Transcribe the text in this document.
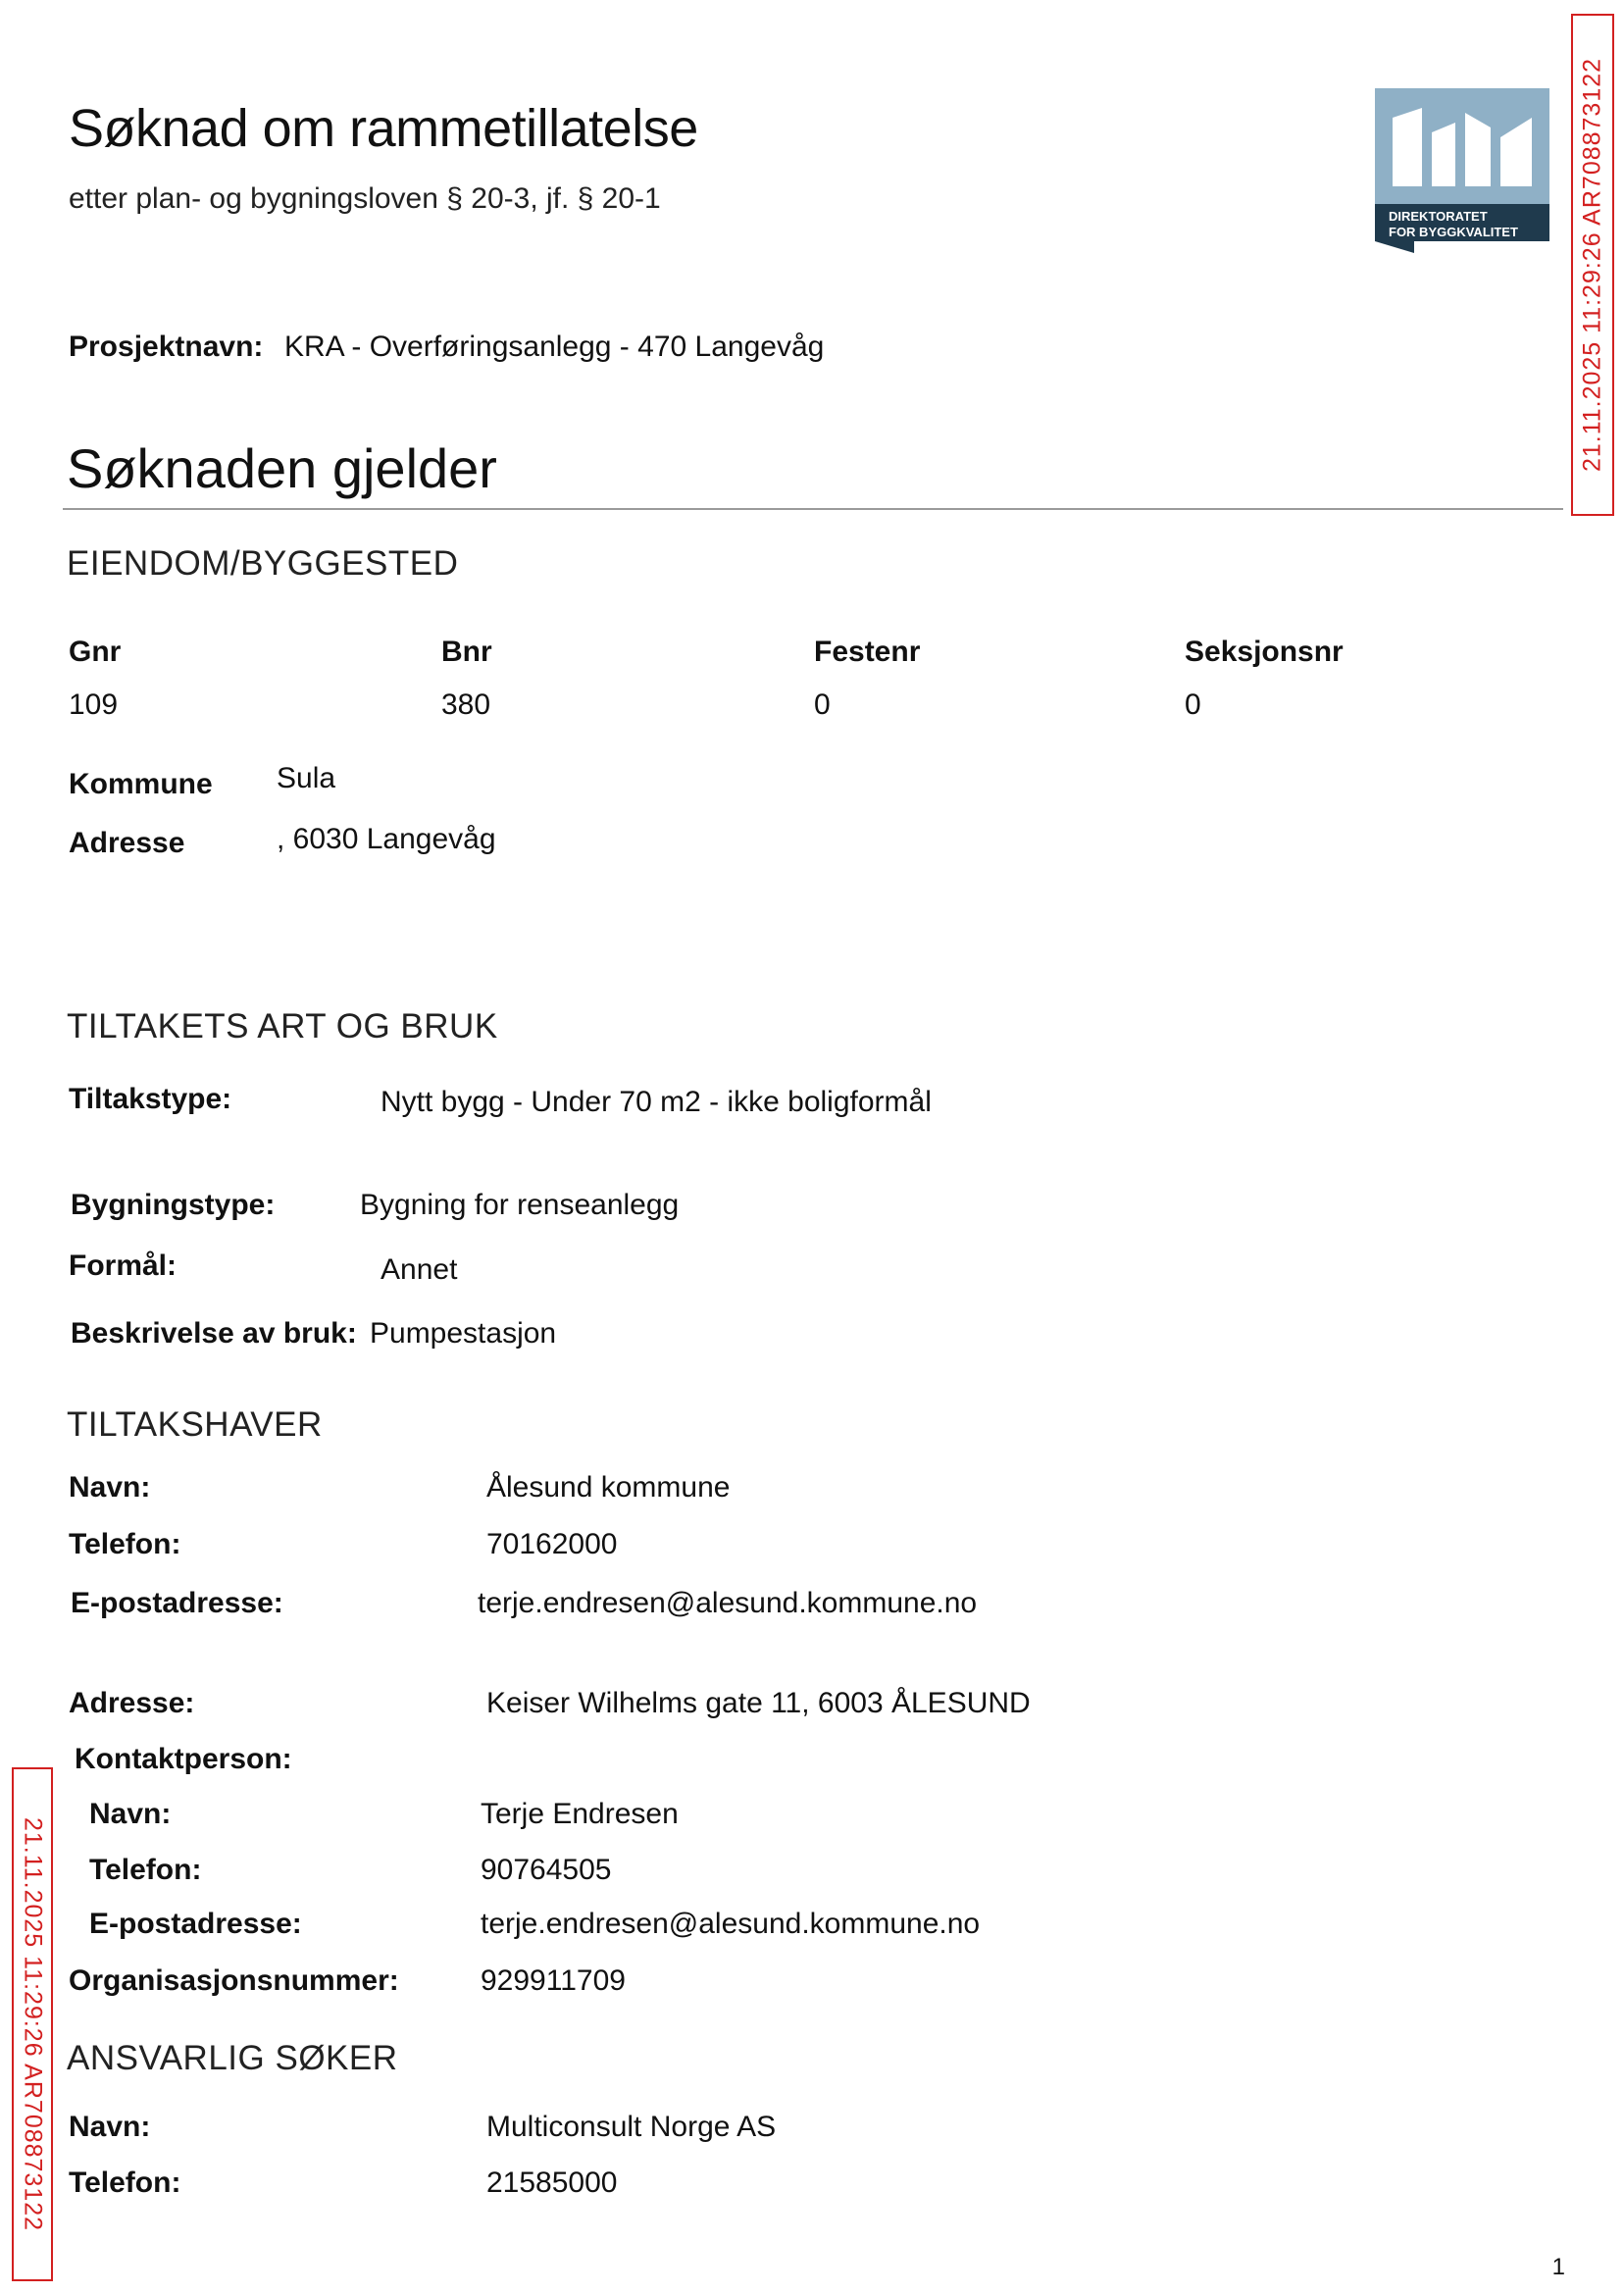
Søknad om rammetillatelse
etter plan- og bygningsloven § 20-3, jf. § 20-1
DIREKTORATET
FOR BYGGKVALITET 21.11.2025 11:29:26 AR708873122
21.11.2025 11:29:26 AR708873122
Prosjektnavn: KRA - Overføringsanlegg - 470 Langevåg
Søknaden gjelder
EIENDOM/BYGGESTED
Gnr	Bnr	Festenr	Seksjonsnr
109	380	0	0
Kommune Sula
Adresse	, 6030 Langevåg
TILTAKETS ART OG BRUK
Tiltakstype:	Nytt bygg - Under 70 m2 - ikke boligformål
Bygningstype:	Bygning for renseanlegg
Formål:	Annet
Beskrivelse av bruk: Pumpestasjon
TILTAKSHAVER
Navn:	Ålesund kommune
Telefon:	70162000
E-postadresse:	terje.endresen@alesund.kommune.no
Adresse:	Keiser Wilhelms gate 11, 6003 ÅLESUND
Kontaktperson:
Navn:	Terje Endresen
Telefon:	90764505
E-postadresse:	terje.endresen@alesund.kommune.no
Organisasjonsnummer:	929911709
ANSVARLIG SØKER
Navn:	Multiconsult Norge AS
Telefon:	21585000
1
